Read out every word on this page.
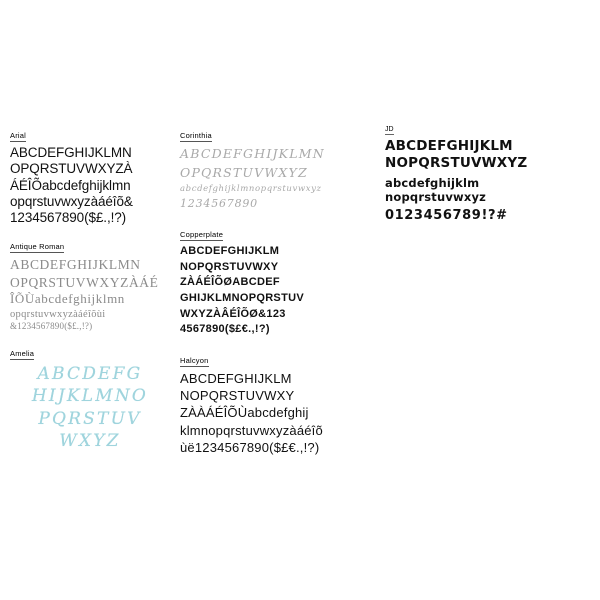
Arial
ABCDEFGHIJKLMN
OPQRSTUVWXYZÀ
ÁÉÎÕabcdefghijklmn
opqrstuvwxyzàáéîõ&
1234567890($£.,!?)
Antique Roman
ABCDEFGHIJKLMN
OPQRSTUVWXYZÀÁÉ
ÎÕÙabcdefghijklmn
opqrstuvwxyzàáéîõùi
&1234567890($£.,!?)
Amelia
ABCDEFG
HIJKLMNO
PQRSTUV
WXYZ
Corinthia
ABCDEFGHIJKLMN
OPQRSTUVWXYZ
abcdefghijklmnopqrstuvwxyz
1234567890
Copperplate
ABCDEFGHIJKLM
NOPQRSTUVWXY
ZÀÁÉÎÕØABCDEF
GHIJKLMNOPQRSTUV
WXYZÀÂÉÎÕØ&123
4567890($£€.,!?)
Halcyon
ABCDEFGHIJKLM
NOPQRSTUVWXY
ZÀÀÁÉÎÕÙabcdefghij
klmnopqrstuvwxyzàáéîõ
ùë1234567890($£€.,!?)
JD
ABCDEFGHIJKLM
NOPQRSTUVWXYZ
abcdefghijklm
nopqrstuvwxyz
0123456789!?#
